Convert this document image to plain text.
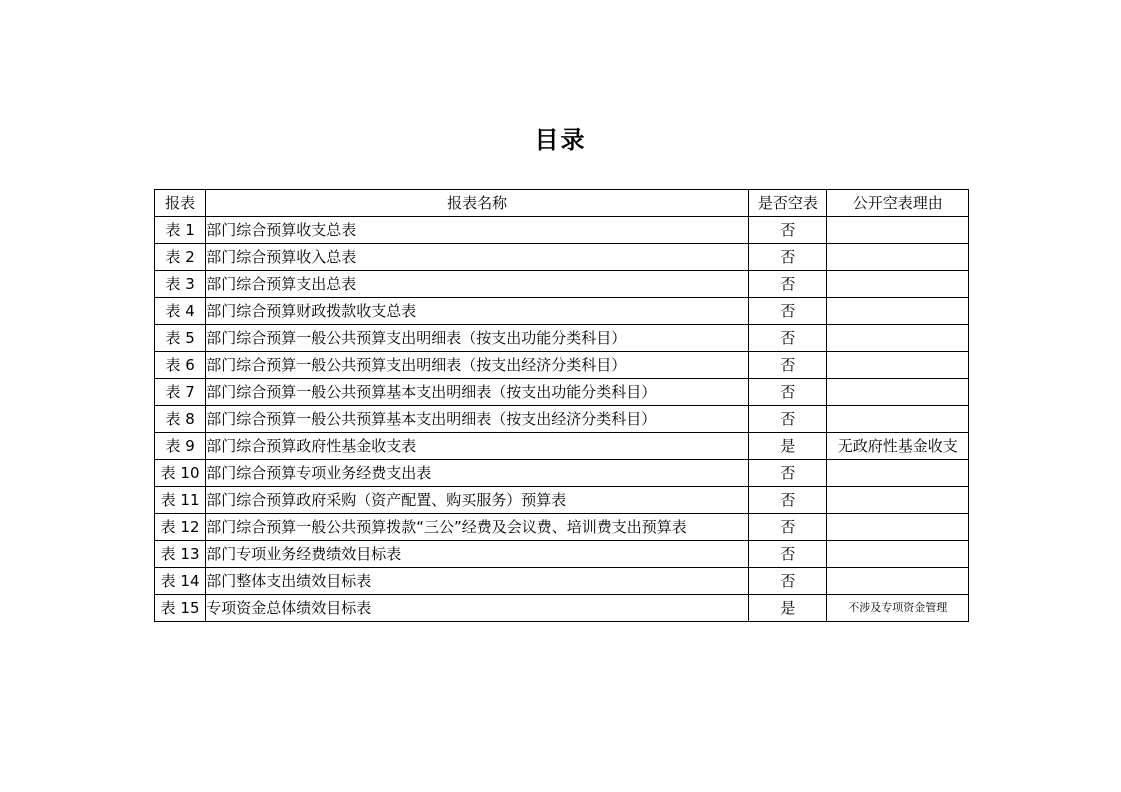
目录
报表	报表名称	是否空表	公开空表理由
表 1	部门综合预算收支总表	否	
表 2	部门综合预算收入总表	否	
表 3	部门综合预算支出总表	否	
表 4	部门综合预算财政拨款收支总表	否	
表 5	部门综合预算一般公共预算支出明细表（按支出功能分类科目）	否	
表 6	部门综合预算一般公共预算支出明细表（按支出经济分类科目）	否	
表 7	部门综合预算一般公共预算基本支出明细表（按支出功能分类科目）	否	
表 8	部门综合预算一般公共预算基本支出明细表（按支出经济分类科目）	否	
表 9	部门综合预算政府性基金收支表	是	无政府性基金收支
表 10	部门综合预算专项业务经费支出表	否	
表 11	部门综合预算政府采购（资产配置、购买服务）预算表	否	
表 12	部门综合预算一般公共预算拨款“三公”经费及会议费、培训费支出预算表	否	
表 13	部门专项业务经费绩效目标表	否	
表 14	部门整体支出绩效目标表	否	
表 15	专项资金总体绩效目标表	是	不涉及专项资金管理
